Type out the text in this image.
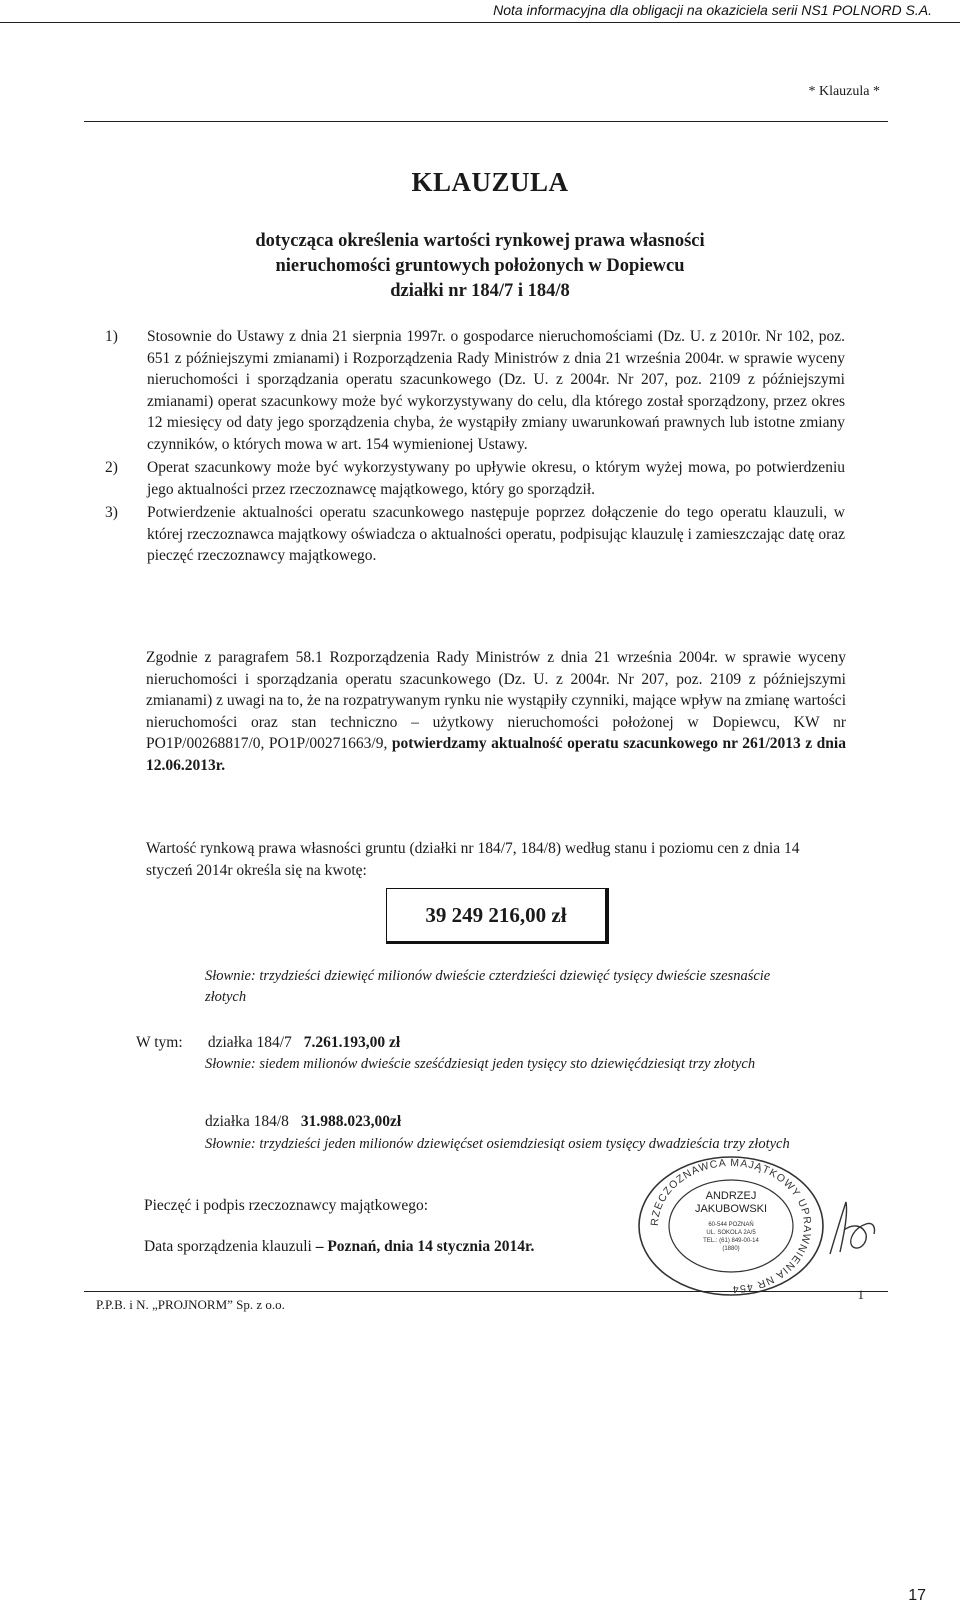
Nota informacyjna dla obligacji na okaziciela serii NS1 POLNORD S.A.
* Klauzula *
KLAUZULA
dotycząca określenia wartości rynkowej prawa własności
nieruchomości gruntowych położonych w Dopiewcu
działki nr 184/7 i 184/8
1)	Stosownie do Ustawy z dnia 21 sierpnia 1997r. o gospodarce nieruchomościami (Dz. U. z 2010r. Nr 102, poz. 651 z późniejszymi zmianami) i Rozporządzenia Rady Ministrów z dnia 21 września 2004r. w sprawie wyceny nieruchomości i sporządzania operatu szacunkowego (Dz. U. z 2004r. Nr 207, poz. 2109 z późniejszymi zmianami) operat szacunkowy może być wykorzystywany do celu, dla którego został sporządzony, przez okres 12 miesięcy od daty jego sporządzenia chyba, że wystąpiły zmiany uwarunkowań prawnych lub istotne zmiany czynników, o których mowa w art. 154 wymienionej Ustawy.
2)	Operat szacunkowy może być wykorzystywany po upływie okresu, o którym wyżej mowa, po potwierdzeniu jego aktualności przez rzeczoznawcę majątkowego, który go sporządził.
3)	Potwierdzenie aktualności operatu szacunkowego następuje poprzez dołączenie do tego operatu klauzuli, w której rzeczoznawca majątkowy oświadcza o aktualności operatu, podpisując klauzulę i zamieszczając datę oraz pieczęć rzeczoznawcy majątkowego.
Zgodnie z paragrafem 58.1 Rozporządzenia Rady Ministrów z dnia 21 września 2004r. w sprawie wyceny nieruchomości i sporządzania operatu szacunkowego (Dz. U. z 2004r. Nr 207, poz. 2109 z późniejszymi zmianami) z uwagi na to, że na rozpatrywanym rynku nie wystąpiły czynniki, mające wpływ na zmianę wartości nieruchomości oraz stan techniczno – użytkowy nieruchomości położonej w Dopiewcu, KW nr PO1P/00268817/0, PO1P/00271663/9, potwierdzamy aktualność operatu szacunkowego nr 261/2013 z dnia 12.06.2013r.
Wartość rynkową prawa własności gruntu (działki nr 184/7, 184/8) według stanu i poziomu cen z dnia 14 styczeń 2014r określa się na kwotę:
39 249 216,00 zł
Słownie: trzydzieści dziewięć milionów dwieście czterdzieści dziewięć tysięcy dwieście szesnaście złotych
W tym: działka 184/7 7.261.193,00 zł
Słownie: siedem milionów dwieście sześćdziesiąt jeden tysięcy sto dziewięćdziesiąt trzy złotych
działka 184/8 31.988.023,00zł
Słownie: trzydzieści jeden milionów dziewięćset osiemdziesiąt osiem tysięcy dwadzieścia trzy złotych
Pieczęć i podpis rzeczoznawcy majątkowego:
Data sporządzenia klauzuli – Poznań, dnia 14 stycznia 2014r.
RZECZOZNAWCA MAJĄTKOWY UPRAWNIENIA NR 454
ANDRZEJ
JAKUBOWSKI
60-544 POZNAŃ
UL. SOKOLA 2A/5
TEL.: (61) 849-00-14
(1880)
P.P.B. i N. „PROJNORM” Sp. z o.o.
1
17
